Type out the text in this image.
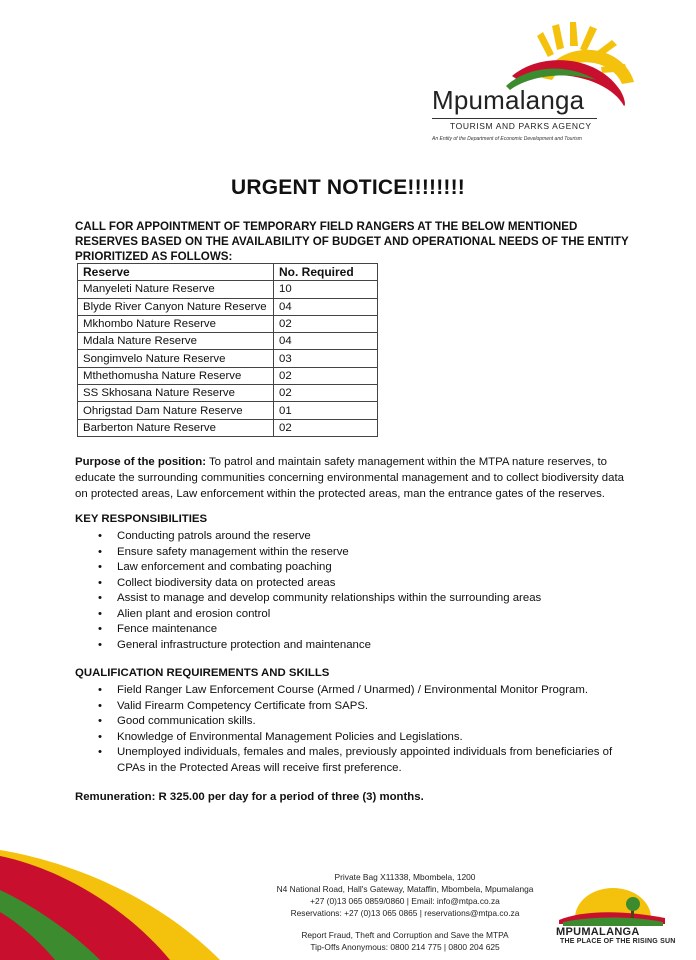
Mpumalanga
TOURISM AND PARKS AGENCY
An Entity of the Department of Economic Development and Tourism
URGENT NOTICE!!!!!!!!
CALL FOR APPOINTMENT OF TEMPORARY FIELD RANGERS AT THE BELOW MENTIONED RESERVES BASED ON THE AVAILABILITY OF BUDGET AND OPERATIONAL NEEDS OF THE ENTITY PRIORITIZED AS FOLLOWS:
Reserve	No. Required
Manyeleti Nature Reserve	10
Blyde River Canyon Nature Reserve	04
Mkhombo Nature Reserve	02
Mdala Nature Reserve	04
Songimvelo Nature Reserve	03
Mthethomusha Nature Reserve	02
SS Skhosana Nature Reserve	02
Ohrigstad Dam Nature Reserve	01
Barberton Nature Reserve	02
Purpose of the position: To patrol and maintain safety management within the MTPA nature reserves, to educate the surrounding communities concerning environmental management and to collect biodiversity data on protected areas, Law enforcement within the protected areas, man the entrance gates of the reserves.
KEY RESPONSIBILITIES
• Conducting patrols around the reserve
• Ensure safety management within the reserve
• Law enforcement and combating poaching
• Collect biodiversity data on protected areas
• Assist to manage and develop community relationships within the surrounding areas
• Alien plant and erosion control
• Fence maintenance
• General infrastructure protection and maintenance
QUALIFICATION REQUIREMENTS AND SKILLS
• Field Ranger Law Enforcement Course (Armed / Unarmed) / Environmental Monitor Program.
• Valid Firearm Competency Certificate from SAPS.
• Good communication skills.
• Knowledge of Environmental Management Policies and Legislations.
• Unemployed individuals, females and males, previously appointed individuals from beneficiaries of CPAs in the Protected Areas will receive first preference.
Remuneration: R 325.00 per day for a period of three (3) months.
Private Bag X11338, Mbombela, 1200
N4 National Road, Hall's Gateway, Mataffin, Mbombela, Mpumalanga
+27 (0)13 065 0859/0860 | Email: info@mtpa.co.za
Reservations: +27 (0)13 065 0865 | reservations@mtpa.co.za
Report Fraud, Theft and Corruption and Save the MTPA
Tip-Offs Anonymous: 0800 214 775 | 0800 204 625
MPUMALANGA
THE PLACE OF THE RISING SUN
